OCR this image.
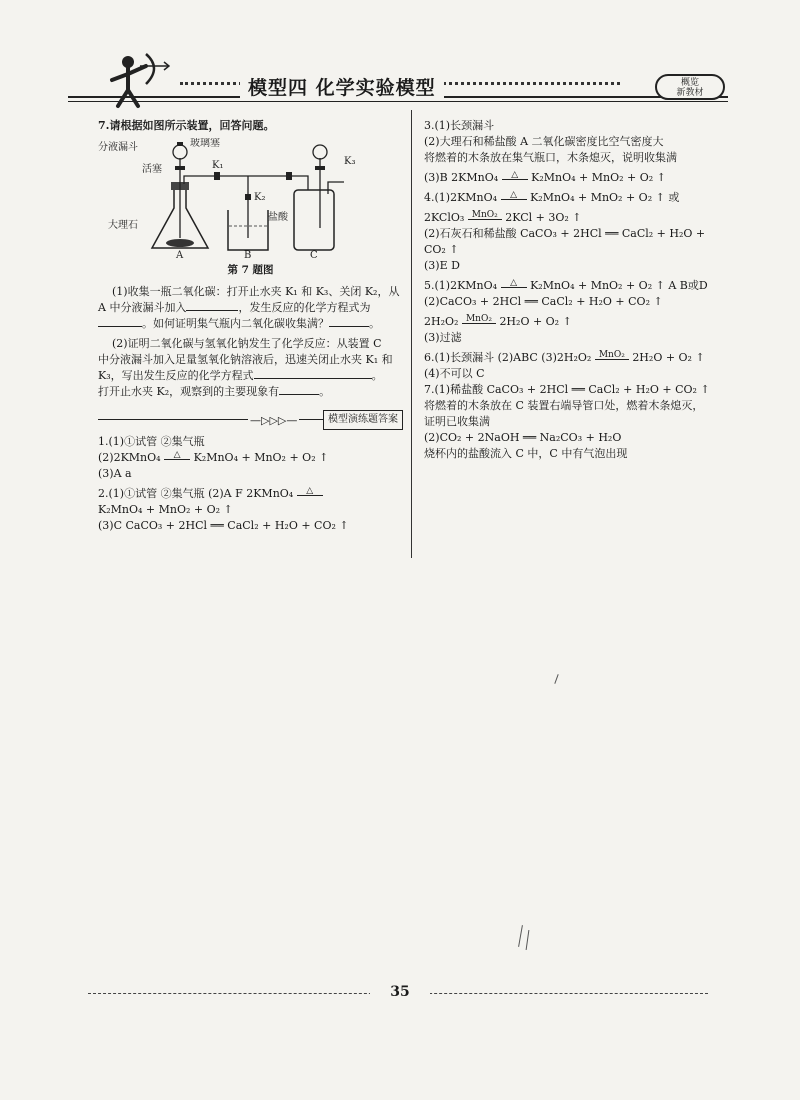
模型四 化学实验模型	概览
新教材

7.请根据如图所示装置，回答问题。

分液漏斗	玻璃塞
活塞	K₁
K₂
K₃
大理石
盐酸
A	B	C
第 7 题图

(1)收集一瓶二氧化碳：打开止水夹 K₁ 和 K₃、关闭 K₂，从

A 中分液漏斗加入	，发生反应的化学方程式为

。如何证明集气瓶内二氧化碳收集满？	。

(2)证明二氧化碳与氢氧化钠发生了化学反应：从装置 C

中分液漏斗加入足量氢氧化钠溶液后，迅速关闭止水夹 K₁ 和

K₃，写出发生反应的化学方程式	。

打开止水夹 K₂，观察到的主要现象有	。

—▷▷▷—	模型演练题答案

1.(1)①试管 ②集气瓶

(2)2KMnO₄	△	K₂MnO₄ + MnO₂ + O₂ ↑

(3)A a

2.(1)①试管 ②集气瓶 (2)A F 2KMnO₄	△

K₂MnO₄ + MnO₂ + O₂ ↑

(3)C CaCO₃ + 2HCl ══ CaCl₂ + H₂O + CO₂ ↑

3.(1)长颈漏斗

(2)大理石和稀盐酸 A 二氧化碳密度比空气密度大

将燃着的木条放在集气瓶口，木条熄灭，说明收集满

(3)B 2KMnO₄	△	K₂MnO₄ + MnO₂ + O₂ ↑

4.(1)2KMnO₄	△	K₂MnO₄ + MnO₂ + O₂ ↑ 或

2KClO₃ MnO₂ 2KCl + 3O₂ ↑

(2)石灰石和稀盐酸 CaCO₃ + 2HCl ══ CaCl₂ + H₂O +

CO₂ ↑

(3)E D

5.(1)2KMnO₄	△	K₂MnO₄ + MnO₂ + O₂ ↑ A B或D

(2)CaCO₃ + 2HCl ══ CaCl₂ + H₂O + CO₂ ↑

2H₂O₂ MnO₂ 2H₂O + O₂ ↑

(3)过滤

6.(1)长颈漏斗 (2)ABC (3)2H₂O₂ MnO₂ 2H₂O + O₂ ↑

(4)不可以 C

7.(1)稀盐酸 CaCO₃ + 2HCl ══ CaCl₂ + H₂O + CO₂ ↑

将燃着的木条放在 C 装置右端导管口处，燃着木条熄灭，

证明已收集满

(2)CO₂ + 2NaOH ══ Na₂CO₃ + H₂O

烧杯内的盐酸流入 C 中，C 中有气泡出现

35
